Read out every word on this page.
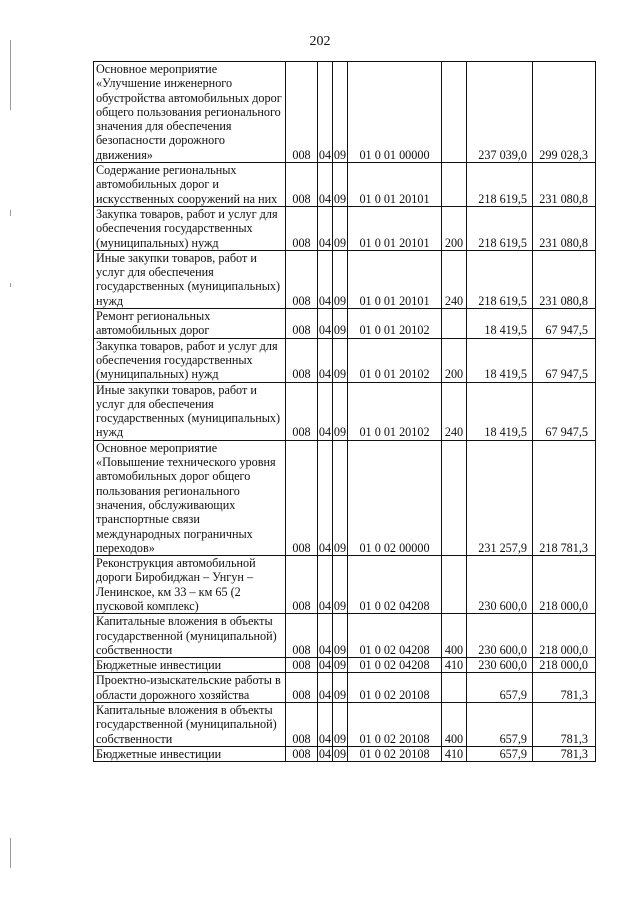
202
Основное мероприятие «Улучшение инженерного обустройства автомобильных дорог общего пользования регионального значения для обеспечения безопасности дорожного движения»	008	04	09	01 0 01 00000		237 039,0	299 028,3
Содержание региональных автомобильных дорог и искусственных сооружений на них	008	04	09	01 0 01 20101		218 619,5	231 080,8
Закупка товаров, работ и услуг для обеспечения государственных (муниципальных) нужд	008	04	09	01 0 01 20101	200	218 619,5	231 080,8
Иные закупки товаров, работ и услуг для обеспечения государственных (муниципальных) нужд	008	04	09	01 0 01 20101	240	218 619,5	231 080,8
Ремонт региональных автомобильных дорог	008	04	09	01 0 01 20102		18 419,5	67 947,5
Закупка товаров, работ и услуг для обеспечения государственных (муниципальных) нужд	008	04	09	01 0 01 20102	200	18 419,5	67 947,5
Иные закупки товаров, работ и услуг для обеспечения государственных (муниципальных) нужд	008	04	09	01 0 01 20102	240	18 419,5	67 947,5
Основное мероприятие «Повышение технического уровня автомобильных дорог общего пользования регионального значения, обслуживающих транспортные связи международных пограничных переходов»	008	04	09	01 0 02 00000		231 257,9	218 781,3
Реконструкция автомобильной дороги Биробиджан – Унгун – Ленинское, км 33 – км 65 (2 пусковой комплекс)	008	04	09	01 0 02 04208		230 600,0	218 000,0
Капитальные вложения в объекты государственной (муниципальной) собственности	008	04	09	01 0 02 04208	400	230 600,0	218 000,0
Бюджетные инвестиции	008	04	09	01 0 02 04208	410	230 600,0	218 000,0
Проектно-изыскательские работы в области дорожного хозяйства	008	04	09	01 0 02 20108		657,9	781,3
Капитальные вложения в объекты государственной (муниципальной) собственности	008	04	09	01 0 02 20108	400	657,9	781,3
Бюджетные инвестиции	008	04	09	01 0 02 20108	410	657,9	781,3
